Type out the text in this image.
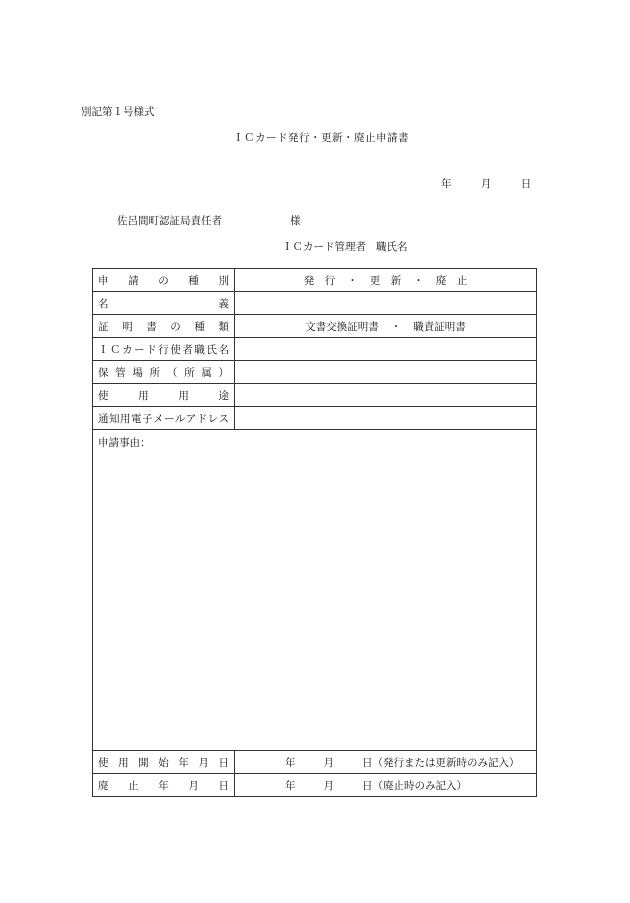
別記第１号様式
ＩＣカード発行・更新・廃止申請書
年	月	日
佐呂間町認証局責任者	様
ＩＣカード管理者 職氏名
申請の種別	発　行 ・ 更　新 ・ 廃　止
名義	
証明書の種類	文書交換証明書 ・ 職責証明書
ＩＣカード行使者職氏名	
保管場所（所属）	
使用用途	
通知用電子メールアドレス	
申請事由：	
使用開始年月日	年 月 日（発行または更新時のみ記入）
廃止年月日	年 月 日（廃止時のみ記入）
